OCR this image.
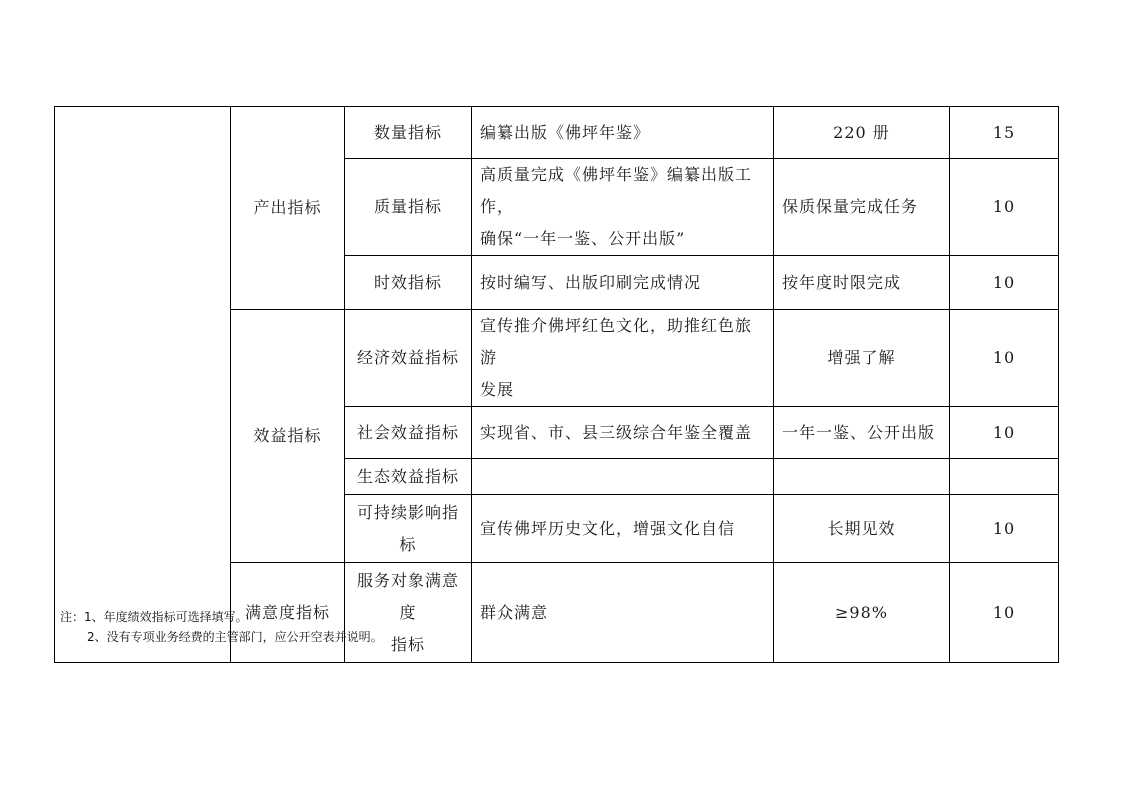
	产出指标	数量指标	编纂出版《佛坪年鉴》	220 册	15
		质量指标	高质量完成《佛坪年鉴》编纂出版工作，
确保“一年一鉴、公开出版”	保质保量完成任务	10
		时效指标	按时编写、出版印刷完成情况	按年度时限完成	10
	效益指标	经济效益指标	宣传推介佛坪红色文化，助推红色旅游
发展	增强了解	10
		社会效益指标	实现省、市、县三级综合年鉴全覆盖	一年一鉴、公开出版	10
		生态效益指标			

		可持续影响指
标	宣传佛坪历史文化，增强文化自信	长期见效	10
	满意度指标	服务对象满意
度
指标	群众满意	≥98%	10
注：1、年度绩效指标可选择填写。
2、没有专项业务经费的主管部门，应公开空表并说明。
